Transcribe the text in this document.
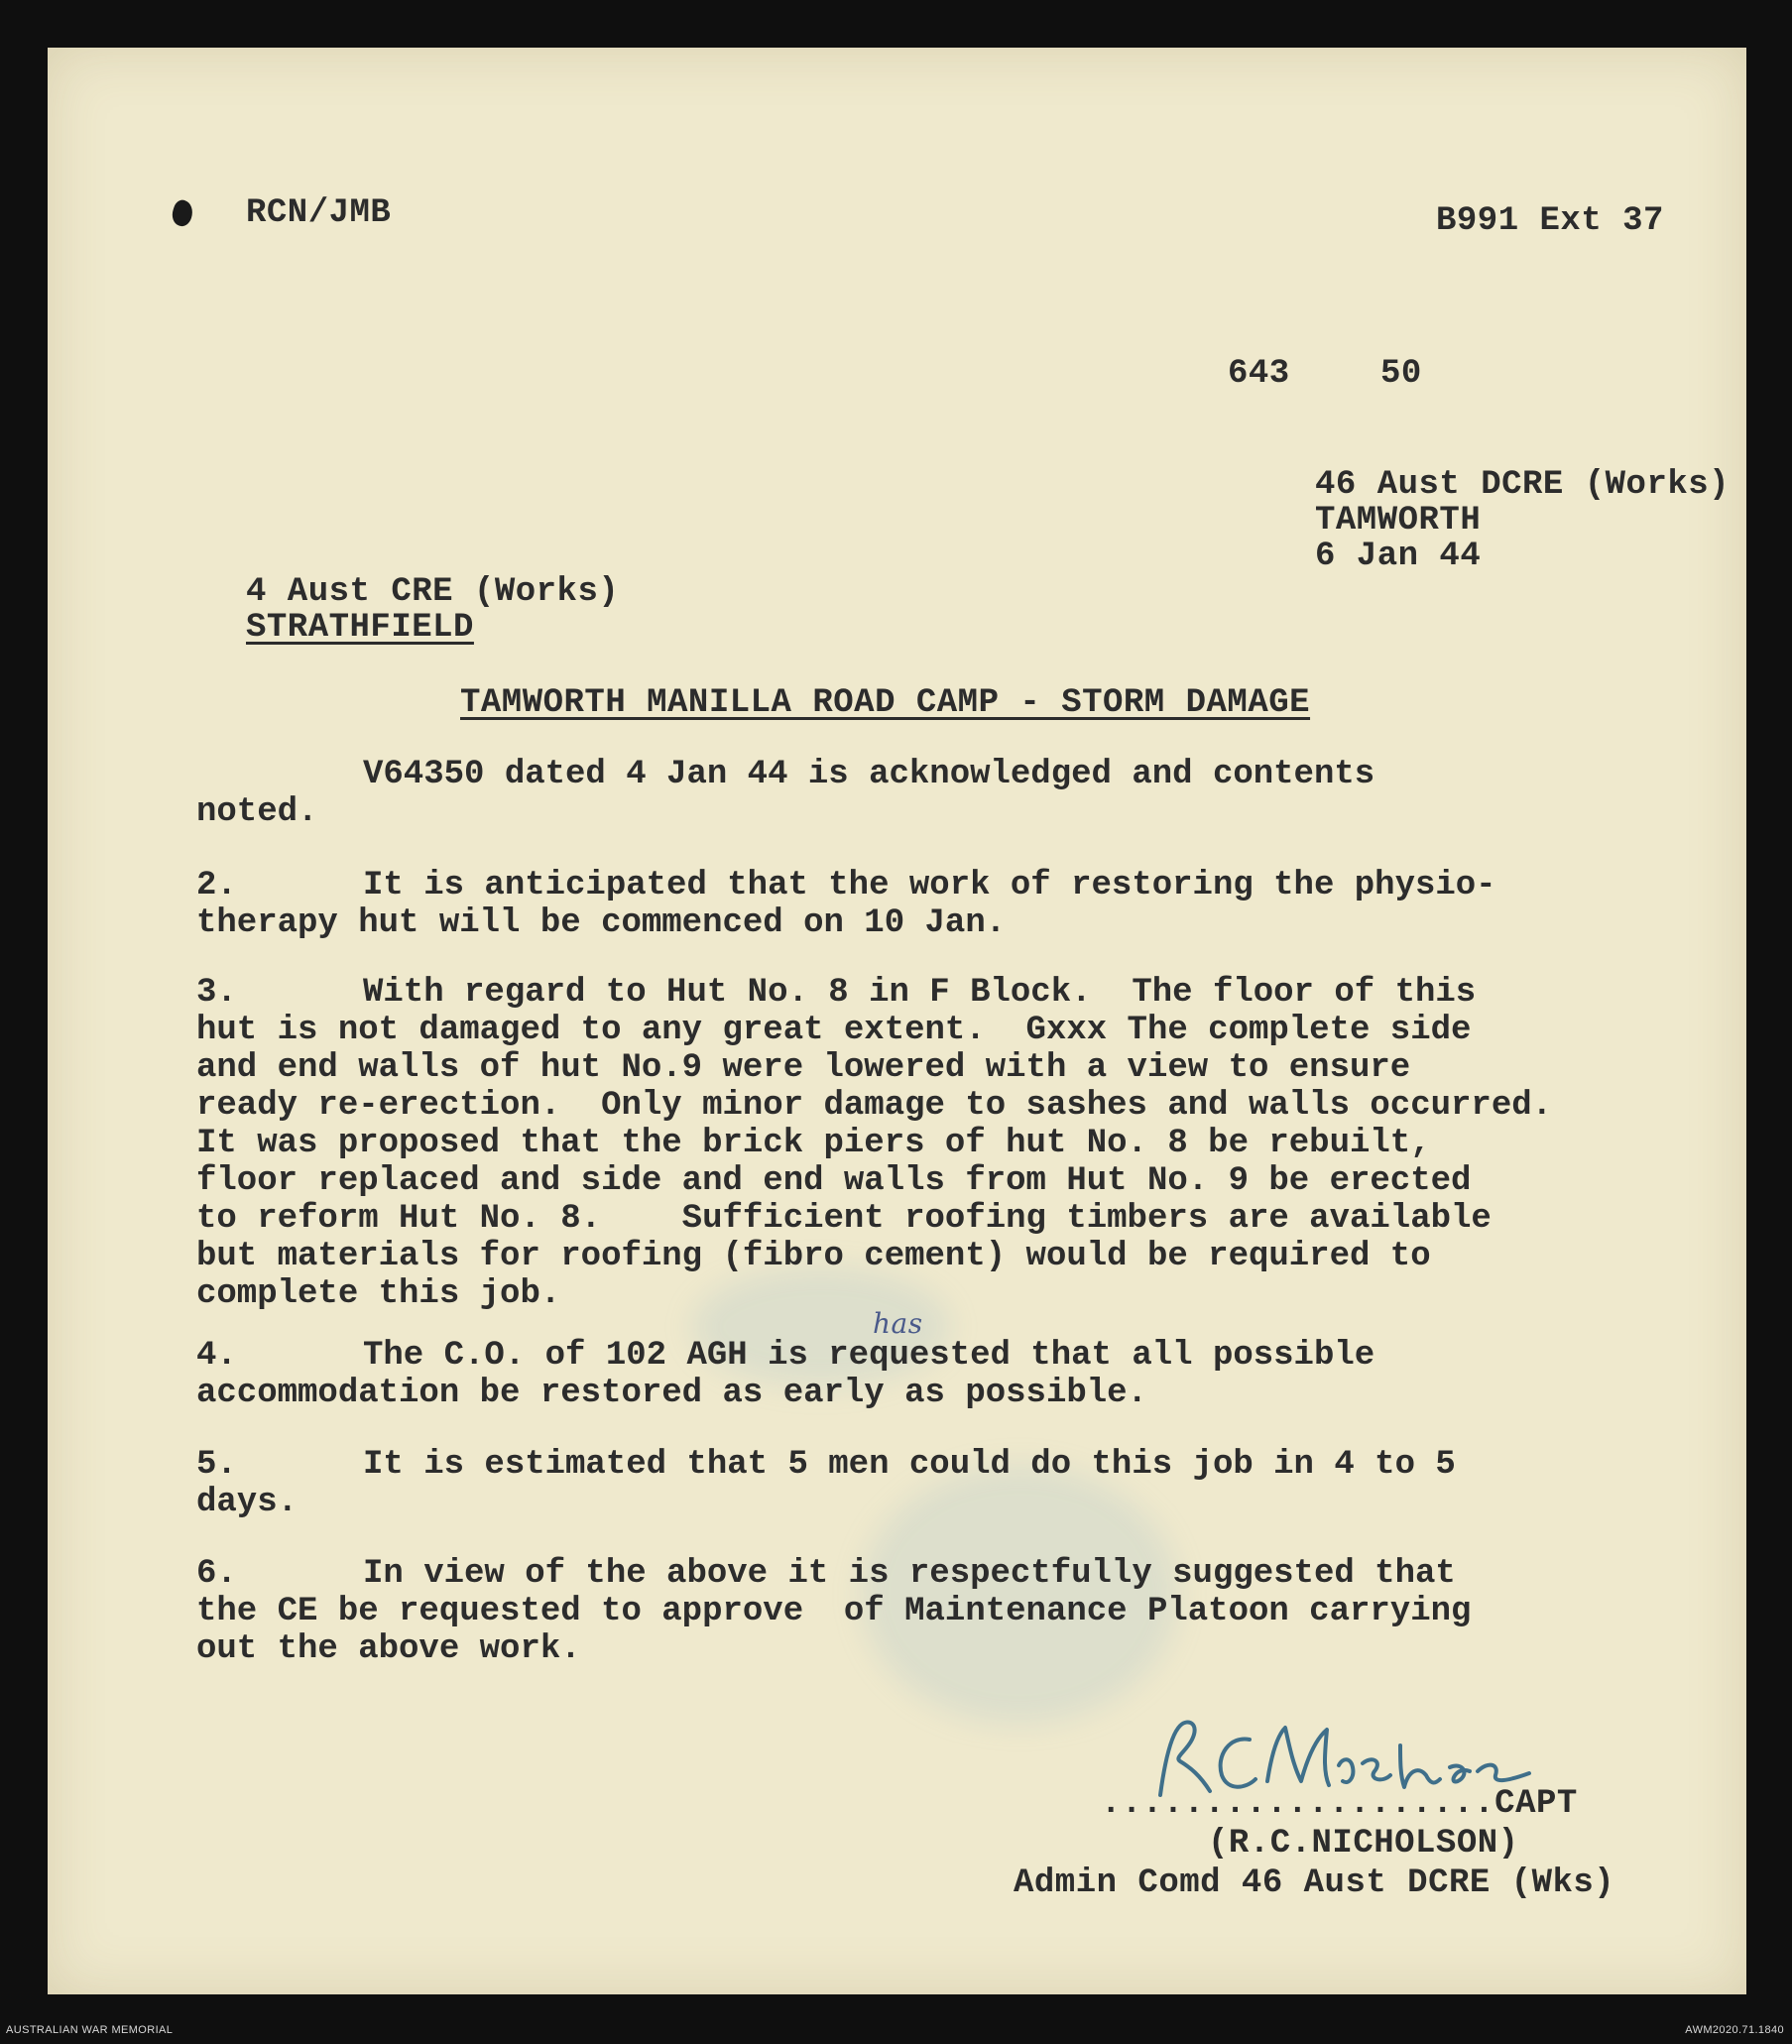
RCN/JMB	B991 Ext 37
643	50
46 Aust DCRE (Works)
TAMWORTH
6 Jan 44
4 Aust CRE (Works)
STRATHFIELD
TAMWORTH MANILLA ROAD CAMP - STORM DAMAGE
V64350 dated 4 Jan 44 is acknowledged and contents
noted.
2.	It is anticipated that the work of restoring the physio-
therapy hut will be commenced on 10 Jan.
3.	With regard to Hut No. 8 in F Block.  The floor of this
hut is not damaged to any great extent.  Gxxx The complete side
and end walls of hut No.9 were lowered with a view to ensure
ready re-erection.  Only minor damage to sashes and walls occurred.
It was proposed that the brick piers of hut No. 8 be rebuilt,
floor replaced and side and end walls from Hut No. 9 be erected
to reform Hut No. 8.    Sufficient roofing timbers are available
but materials for roofing (fibro cement) would be required to
complete this job.
4.	The C.O. of 102 AGH is requested that all possible
accommodation be restored as early as possible.
has
5.	It is estimated that 5 men could do this job in 4 to 5
days.
6.	In view of the above it is respectfully suggested that
the CE be requested to approve  of Maintenance Platoon carrying
out the above work.
...................CAPT
(R.C.NICHOLSON)
Admin Comd 46 Aust DCRE (Wks)
AUSTRALIAN WAR MEMORIAL	AWM2020.71.1840
